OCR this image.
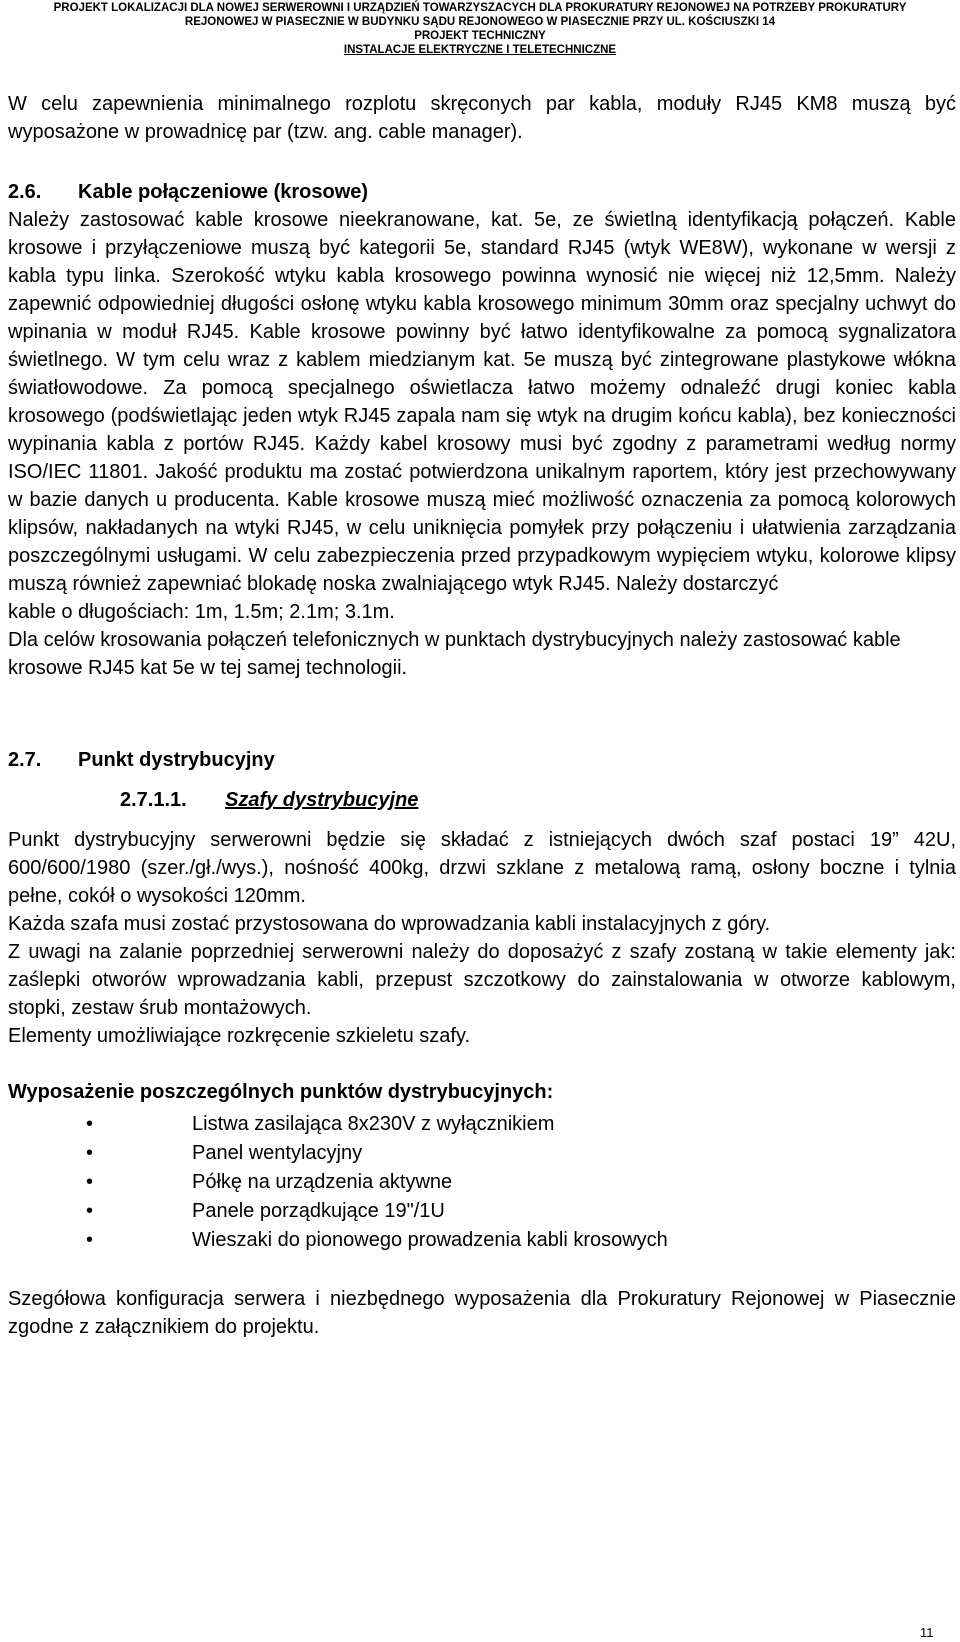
PROJEKT LOKALIZACJI DLA NOWEJ SERWEROWNI I URZĄDZIEŃ TOWARZYSZACYCH DLA PROKURATURY REJONOWEJ NA POTRZEBY PROKURATURY
REJONOWEJ W PIASECZNIE W BUDYNKU SĄDU REJONOWEGO W PIASECZNIE PRZY UL. KOŚCIUSZKI 14
PROJEKT TECHNICZNY
INSTALACJE ELEKTRYCZNE I TELETECHNICZNE

W celu zapewnienia minimalnego rozplotu skręconych par kabla, moduły RJ45 KM8 muszą być wyposażone w prowadnicę par (tzw. ang. cable manager).

2.6. Kable połączeniowe (krosowe)

Należy zastosować kable krosowe nieekranowane, kat. 5e, ze świetlną identyfikacją połączeń. Kable krosowe i przyłączeniowe muszą być kategorii 5e, standard RJ45 (wtyk WE8W), wykonane w wersji z kabla typu linka. Szerokość wtyku kabla krosowego powinna wynosić nie więcej niż 12,5mm. Należy zapewnić odpowiedniej długości osłonę wtyku kabla krosowego minimum 30mm oraz specjalny uchwyt do wpinania w moduł RJ45. Kable krosowe powinny być łatwo identyfikowalne za pomocą sygnalizatora świetlnego. W tym celu wraz z kablem miedzianym kat. 5e muszą być zintegrowane plastykowe włókna światłowodowe. Za pomocą specjalnego oświetlacza łatwo możemy odnaleźć drugi koniec kabla krosowego (podświetlając jeden wtyk RJ45 zapala nam się wtyk na drugim końcu kabla), bez konieczności wypinania kabla z portów RJ45. Każdy kabel krosowy musi być zgodny z parametrami według normy ISO/IEC 11801. Jakość produktu ma zostać potwierdzona unikalnym raportem, który jest przechowywany w bazie danych u producenta. Kable krosowe muszą mieć możliwość oznaczenia za pomocą kolorowych klipsów, nakładanych na wtyki RJ45, w celu uniknięcia pomyłek przy połączeniu i ułatwienia zarządzania poszczególnymi usługami. W celu zabezpieczenia przed przypadkowym wypięciem wtyku, kolorowe klipsy muszą również zapewniać blokadę noska zwalniającego wtyk RJ45. Należy dostarczyć

kable o długościach: 1m, 1.5m; 2.1m; 3.1m.

Dla celów krosowania połączeń telefonicznych w punktach dystrybucyjnych należy zastosować kable krosowe RJ45 kat 5e w tej samej technologii.

2.7. Punkt dystrybucyjny
2.7.1.1. Szafy dystrybucyjne

Punkt dystrybucyjny serwerowni będzie się składać z istniejących dwóch szaf postaci 19” 42U, 600/600/1980 (szer./gł./wys.), nośność 400kg, drzwi szklane z metalową ramą, osłony boczne i tylnia pełne, cokół o wysokości 120mm.

Każda szafa musi zostać przystosowana do wprowadzania kabli instalacyjnych z góry.

Z uwagi na zalanie poprzedniej serwerowni należy do doposażyć z szafy zostaną w takie elementy jak: zaślepki otworów wprowadzania kabli, przepust szczotkowy do zainstalowania w otworze kablowym, stopki, zestaw śrub montażowych.

Elementy umożliwiające rozkręcenie szkieletu szafy.

Wyposażenie poszczególnych punktów dystrybucyjnych:
•	Listwa zasilająca 8x230V z wyłącznikiem
•	Panel wentylacyjny
•	Półkę na urządzenia aktywne
•	Panele porządkujące 19"/1U
•	Wieszaki do pionowego prowadzenia kabli krosowych

Szegółowa konfiguracja serwera i niezbędnego wyposażenia dla Prokuratury Rejonowej w Piasecznie zgodne z załącznikiem do projektu.

11
